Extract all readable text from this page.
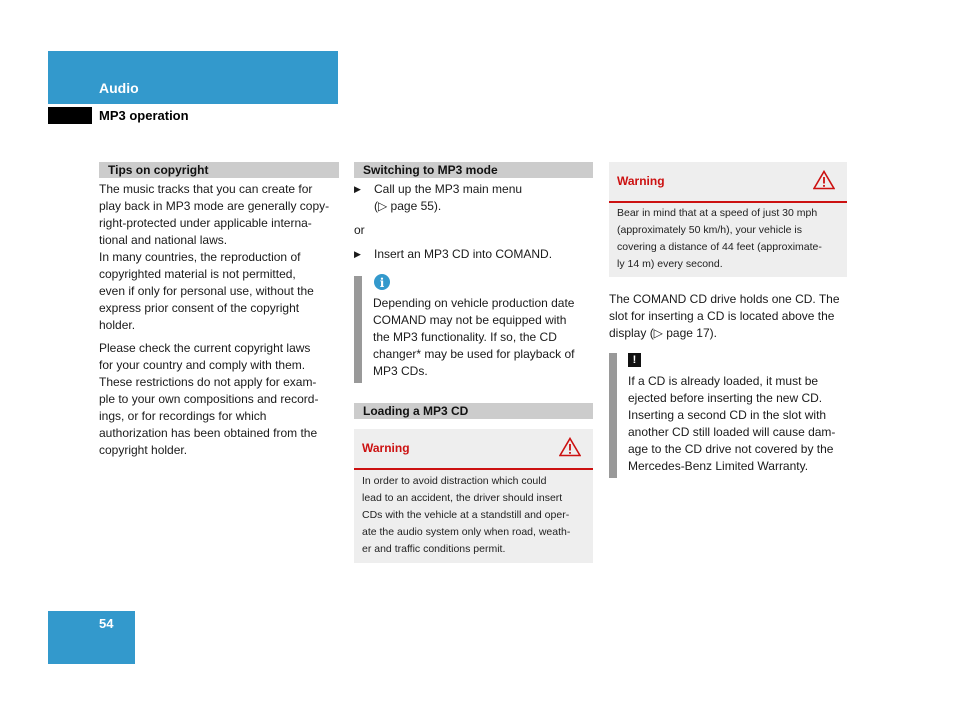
Audio
MP3 operation
Tips on copyright
The music tracks that you can create for
play back in MP3 mode are generally copy-
right-protected under applicable interna-
tional and national laws.
In many countries, the reproduction of
copyrighted material is not permitted,
even if only for personal use, without the
express prior consent of the copyright
holder.
Please check the current copyright laws
for your country and comply with them.
These restrictions do not apply for exam-
ple to your own compositions and record-
ings, or for recordings for which
authorization has been obtained from the
copyright holder.
Switching to MP3 mode
▶ Call up the MP3 main menu
(▷ page 55).
or
▶ Insert an MP3 CD into COMAND.
i
Depending on vehicle production date
COMAND may not be equipped with
the MP3 functionality. If so, the CD
changer* may be used for playback of
MP3 CDs.
Loading a MP3 CD
Warning
In order to avoid distraction which could
lead to an accident, the driver should insert
CDs with the vehicle at a standstill and oper-
ate the audio system only when road, weath-
er and traffic conditions permit.
Warning
Bear in mind that at a speed of just 30 mph
(approximately 50 km/h), your vehicle is
covering a distance of 44 feet (approximate-
ly 14 m) every second.
The COMAND CD drive holds one CD. The
slot for inserting a CD is located above the
display (▷ page 17).
!
If a CD is already loaded, it must be
ejected before inserting the new CD.
Inserting a second CD in the slot with
another CD still loaded will cause dam-
age to the CD drive not covered by the
Mercedes-Benz Limited Warranty.
54
